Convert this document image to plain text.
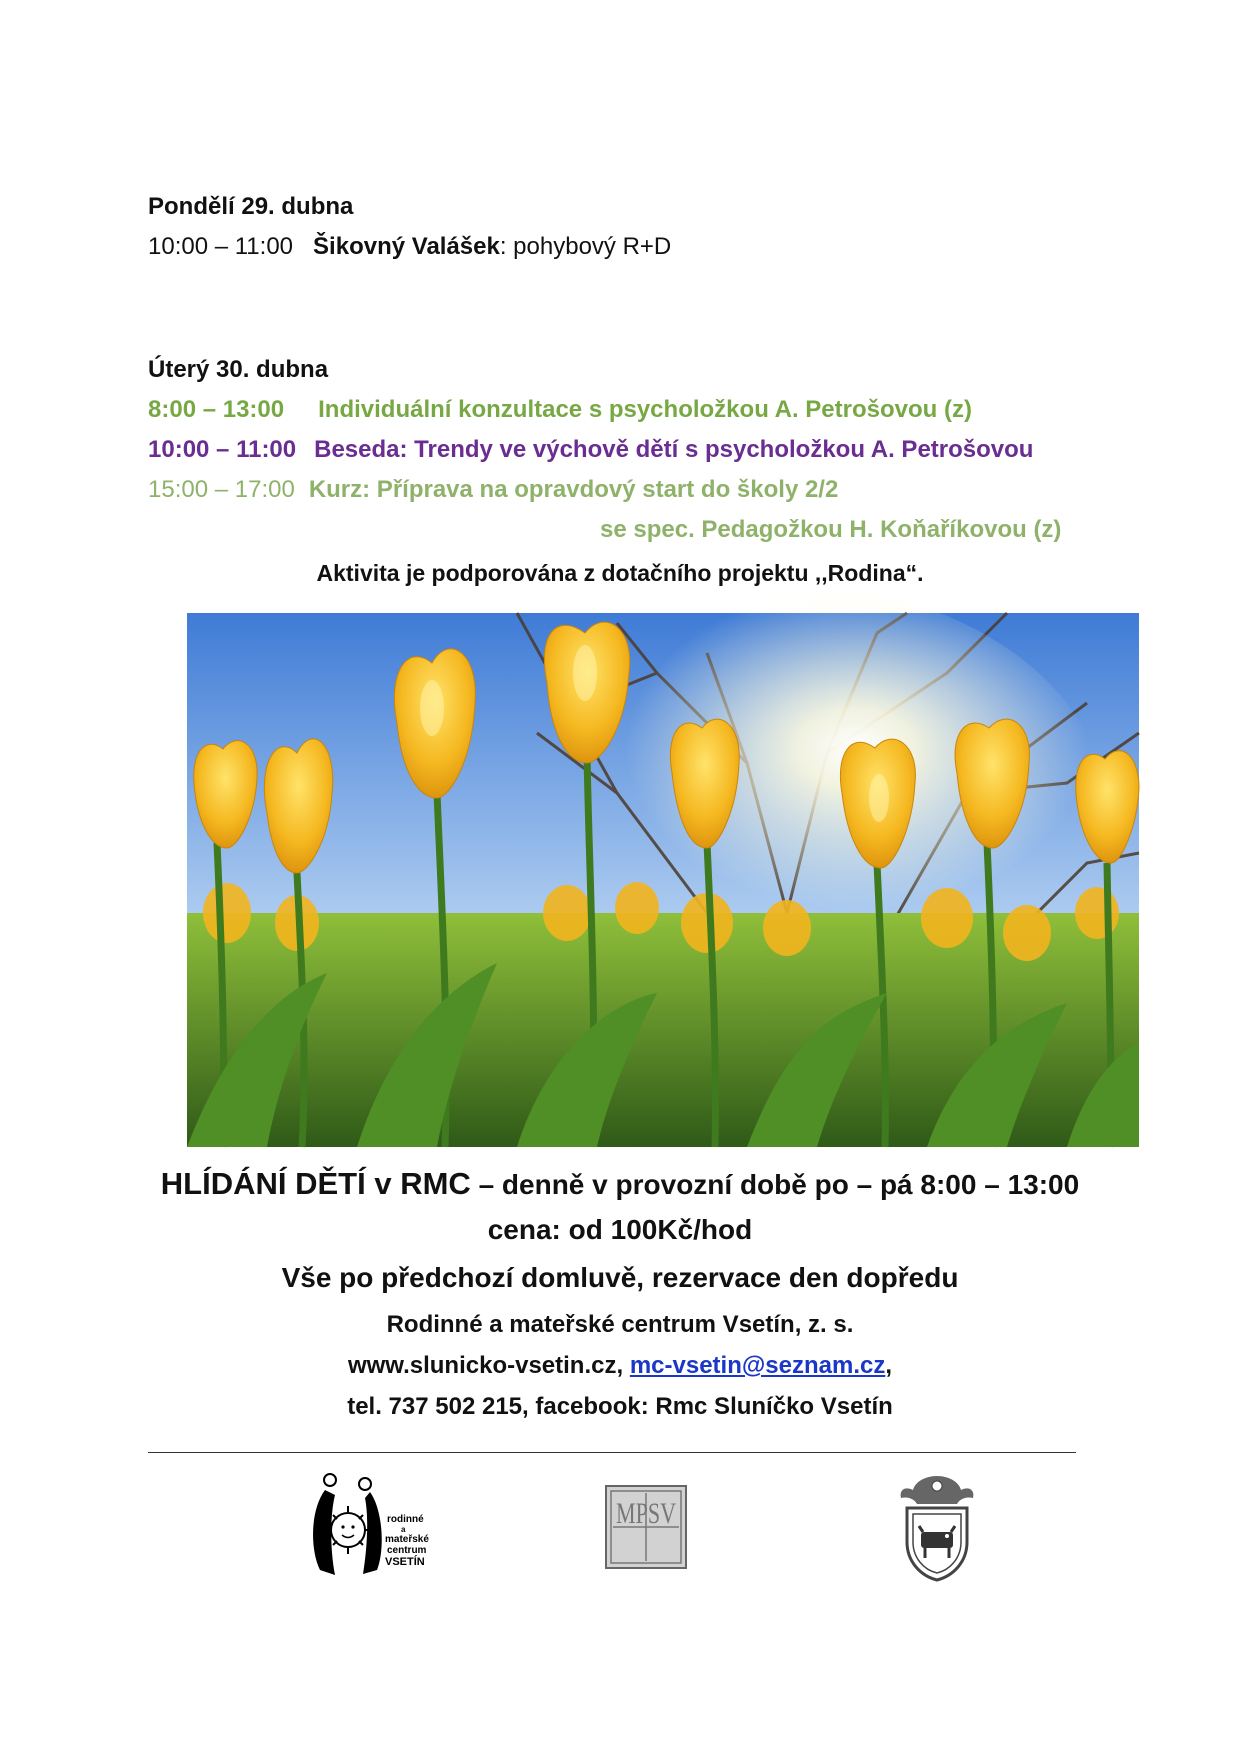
Pondělí 29. dubna
10:00 – 11:00 Šikovný Valášek: pohybový R+D
Úterý 30. dubna
8:00 – 13:00 Individuální konzultace s psycholožkou A. Petrošovou (z)
10:00 – 11:00 Beseda: Trendy ve výchově dětí s psycholožkou A. Petrošovou
15:00 – 17:00 Kurz: Příprava na opravdový start do školy 2/2
se spec. Pedagožkou H. Koňaříkovou (z)
Aktivita je podporována z dotačního projektu ,,Rodina“.
HLÍDÁNÍ DĚTÍ v RMC – denně v provozní době po – pá 8:00 – 13:00
cena: od 100Kč/hod
Vše po předchozí domluvě, rezervace den dopředu
Rodinné a mateřské centrum Vsetín, z. s.
www.slunicko-vsetin.cz, mc-vsetin@seznam.cz,
tel. 737 502 215, facebook: Rmc Sluníčko Vsetín
rodinné
a
mateřské
centrum
VSETÍN
MPSV
